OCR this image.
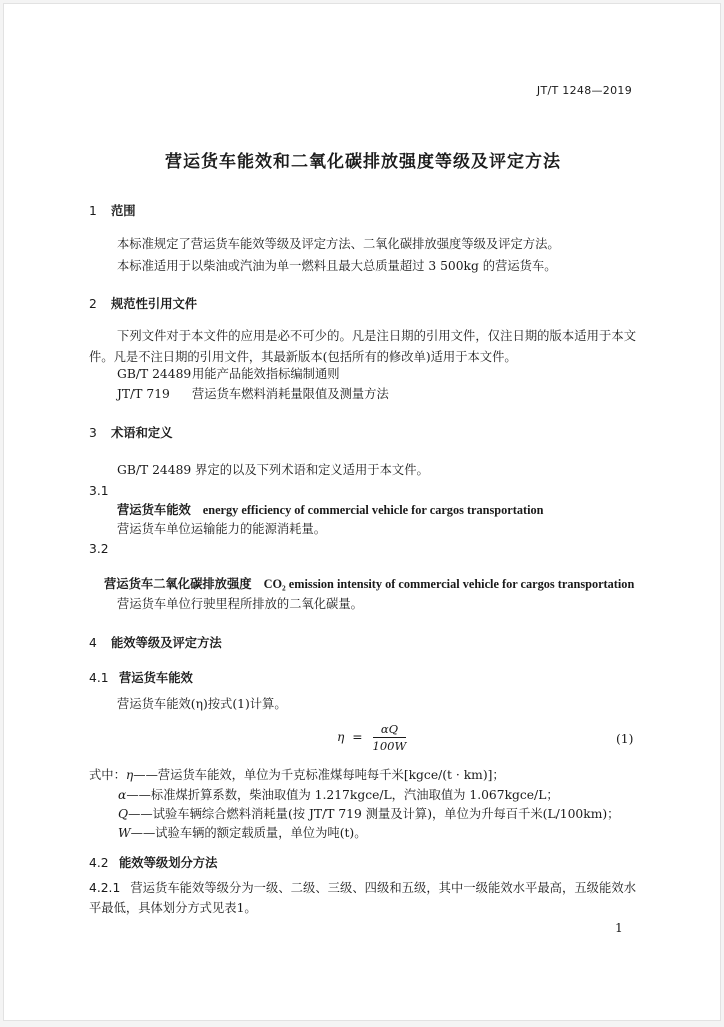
JT/T 1248—2019
营运货车能效和二氧化碳排放强度等级及评定方法
1 范围
本标准规定了营运货车能效等级及评定方法、二氧化碳排放强度等级及评定方法。
本标准适用于以柴油或汽油为单一燃料且最大总质量超过 3 500kg 的营运货车。
2 规范性引用文件
下列文件对于本文件的应用是必不可少的。凡是注日期的引用文件，仅注日期的版本适用于本文件。凡是不注日期的引用文件，其最新版本(包括所有的修改单)适用于本文件。
GB/T 24489用能产品能效指标编制通则
JT/T 719 营运货车燃料消耗量限值及测量方法
3 术语和定义
GB/T 24489 界定的以及下列术语和定义适用于本文件。
3.1
营运货车能效 energy efficiency of commercial vehicle for cargos transportation
营运货车单位运输能力的能源消耗量。
3.2
营运货车二氧化碳排放强度 CO₂ emission intensity of commercial vehicle for cargos transportation
营运货车单位行驶里程所排放的二氧化碳量。
4 能效等级及评定方法
4.1 营运货车能效
营运货车能效(η)按式(1)计算。
$\eta = \frac{\alpha Q}{100W}$	(1)
式中：η——营运货车能效，单位为千克标准煤每吨每千米[kgce/(t · km)]；
α——标准煤折算系数，柴油取值为 1.217kgce/L，汽油取值为 1.067kgce/L；
Q——试验车辆综合燃料消耗量(按 JT/T 719 测量及计算)，单位为升每百千米(L/100km)；
W——试验车辆的额定载质量，单位为吨(t)。
4.2 能效等级划分方法
4.2.1 营运货车能效等级分为一级、二级、三级、四级和五级，其中一级能效水平最高，五级能效水平最低，具体划分方式见表1。
1
